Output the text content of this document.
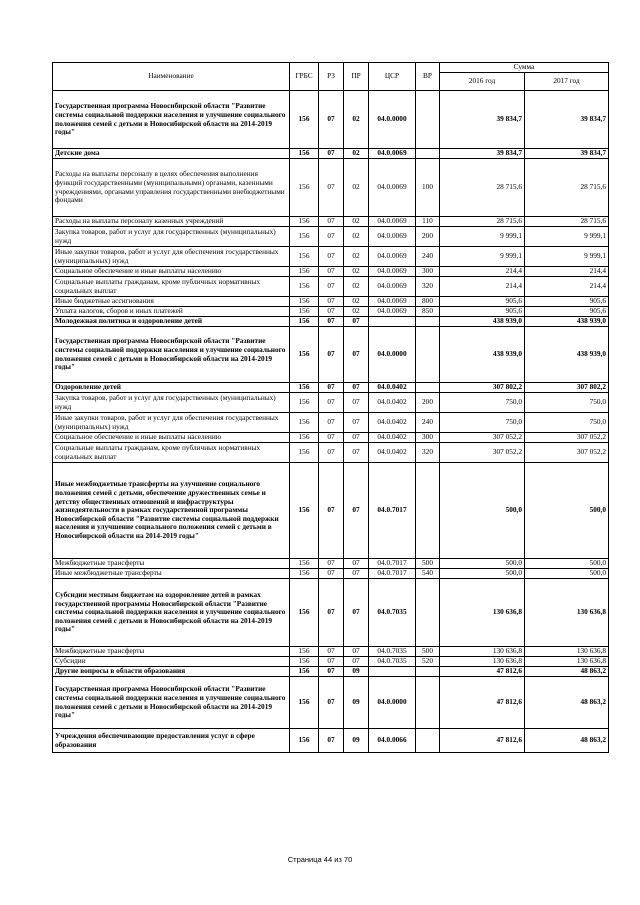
Наименование	ГРБС	РЗ	ПР	ЦСР	ВР	Сумма	
						2016 год	2017 год
Государственная программа Новосибирской области "Развитие системы социальной поддержки населения и улучшение социального положения семей с детьми в Новосибирской области на 2014-2019 годы"	156	07	02	04.0.0000		39 834,7	39 834,7
Детские дома	156	07	02	04.0.0069		39 834,7	39 834,7
Расходы на выплаты персоналу в целях обеспечения выполнения функций государственными (муниципальными) органами, казенными учреждениями, органами управления государственными внебюджетными фондами	156	07	02	04.0.0069	100	28 715,6	28 715,6
Расходы на выплаты персоналу казенных учреждений	156	07	02	04.0.0069	110	28 715,6	28 715,6
Закупка товаров, работ и услуг для государственных (муниципальных) нужд	156	07	02	04.0.0069	200	9 999,1	9 999,1
Иные закупки товаров, работ и услуг для обеспечения государственных (муниципальных) нужд	156	07	02	04.0.0069	240	9 999,1	9 999,1
Социальное обеспечение и иные выплаты населению	156	07	02	04.0.0069	300	214,4	214,4
Социальные выплаты гражданам, кроме публичных нормативных социальных выплат	156	07	02	04.0.0069	320	214,4	214,4
Иные бюджетные ассигнования	156	07	02	04.0.0069	800	905,6	905,6
Уплата налогов, сборов и иных платежей	156	07	02	04.0.0069	850	905,6	905,6
Молодежная политика и оздоровление детей	156	07	07			438 939,0	438 939,0
Государственная программа Новосибирской области "Развитие системы социальной поддержки населения и улучшение социального положения семей с детьми в Новосибирской области на 2014-2019 годы"	156	07	07	04.0.0000		438 939,0	438 939,0
Оздоровление детей	156	07	07	04.0.0402		307 802,2	307 802,2
Закупка товаров, работ и услуг для государственных (муниципальных) нужд	156	07	07	04.0.0402	200	750,0	750,0
Иные закупки товаров, работ и услуг для обеспечения государственных (муниципальных) нужд	156	07	07	04.0.0402	240	750,0	750,0
Социальное обеспечение и иные выплаты населению	156	07	07	04.0.0402	300	307 052,2	307 052,2
Социальные выплаты гражданам, кроме публичных нормативных социальных выплат	156	07	07	04.0.0402	320	307 052,2	307 052,2
Иные межбюджетные трансферты на улучшение социального положения семей с детьми, обеспечение дружественных семье и детству общественных отношений и инфраструктуры жизнедеятельности в рамках государственной программы Новосибирской области "Развитие системы социальной поддержки населения и улучшение социального положения семей с детьми в Новосибирской области на 2014-2019 годы"	156	07	07	04.0.7017		500,0	500,0
Межбюджетные трансферты	156	07	07	04.0.7017	500	500,0	500,0
Иные межбюджетные трансферты	156	07	07	04.0.7017	540	500,0	500,0
Субсидии местным бюджетам на оздоровление детей в рамках государственной программы Новосибирской области "Развитие системы социальной поддержки населения и улучшение социального положения семей с детьми в Новосибирской области на 2014-2019 годы"	156	07	07	04.0.7035		130 636,8	130 636,8
Межбюджетные трансферты	156	07	07	04.0.7035	500	130 636,8	130 636,8
Субсидии	156	07	07	04.0.7035	520	130 636,8	130 636,8
Другие вопросы в области образования	156	07	09			47 812,6	48 863,2
Государственная программа Новосибирской области "Развитие системы социальной поддержки населения и улучшение социального положения семей с детьми в Новосибирской области на 2014-2019 годы"	156	07	09	04.0.0000		47 812,6	48 863,2
Учреждения обеспечивающие предоставления услуг в сфере образования	156	07	09	04.0.0066		47 812,6	48 863,2
Страница 44 из 70
